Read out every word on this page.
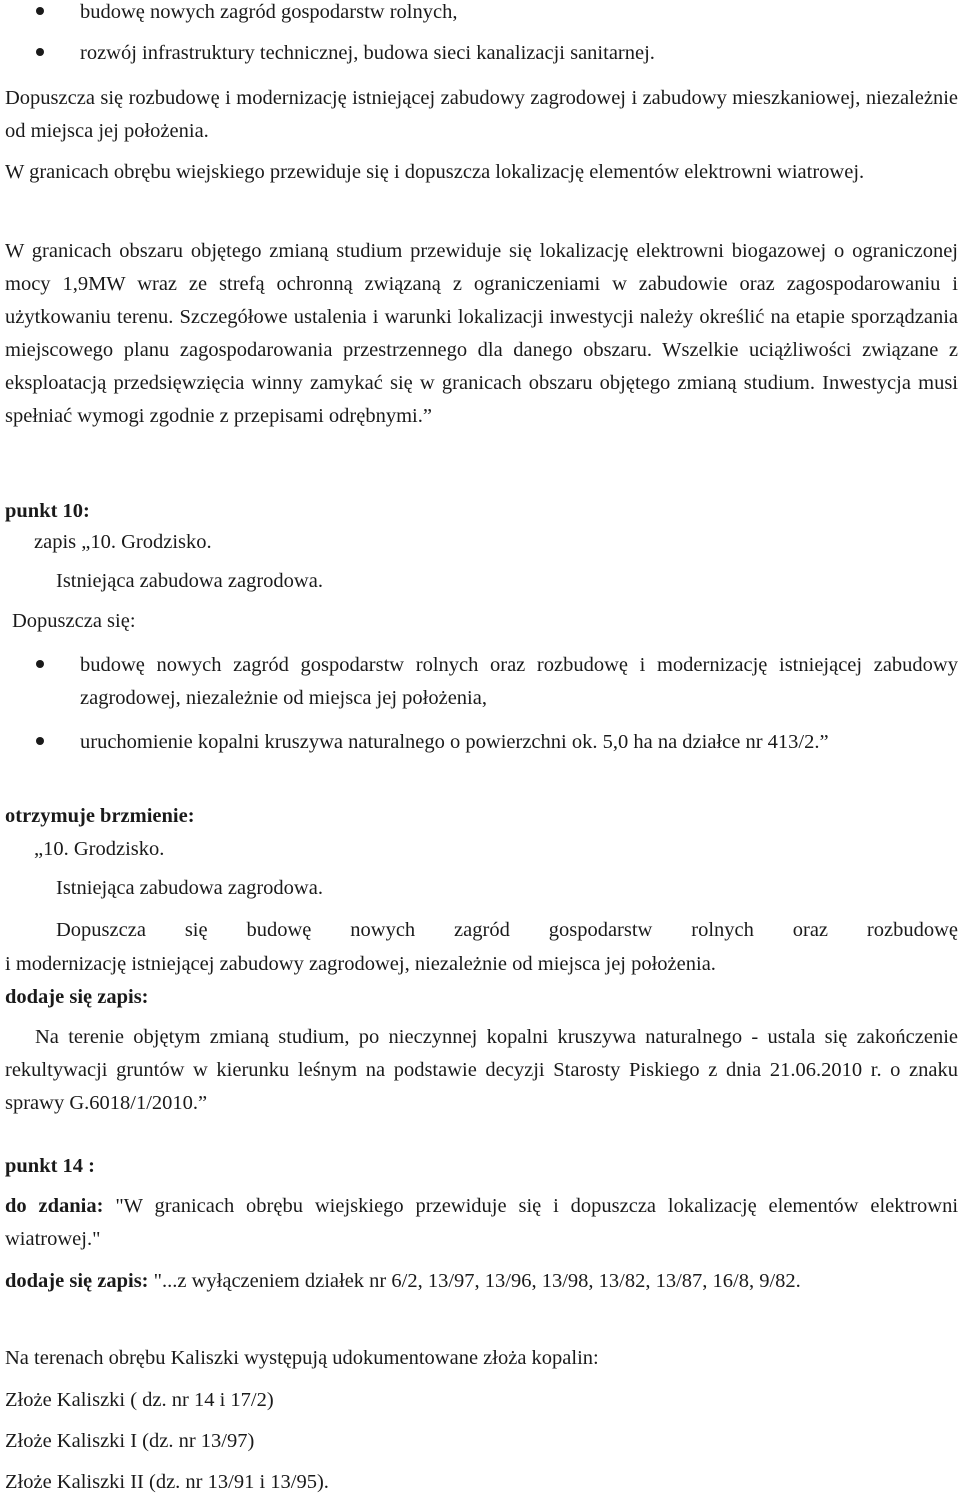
budowę nowych zagród gospodarstw rolnych,
rozwój infrastruktury technicznej, budowa sieci kanalizacji sanitarnej.

Dopuszcza się rozbudowę i modernizację istniejącej zabudowy zagrodowej i zabudowy mieszkaniowej, niezależnie od miejsca jej położenia.

W granicach obrębu wiejskiego przewiduje się i dopuszcza lokalizację elementów elektrowni wiatrowej.

W granicach obszaru objętego zmianą studium przewiduje się lokalizację elektrowni biogazowej o ograniczonej mocy 1,9MW wraz ze strefą ochronną związaną z ograniczeniami w zabudowie oraz zagospodarowaniu i użytkowaniu terenu. Szczegółowe ustalenia i warunki lokalizacji inwestycji należy określić na etapie sporządzania miejscowego planu zagospodarowania przestrzennego dla danego obszaru. Wszelkie uciążliwości związane z eksploatacją przedsięwzięcia winny zamykać się w granicach obszaru objętego zmianą studium. Inwestycja musi spełniać wymogi zgodnie z przepisami odrębnymi.”

punkt 10:

zapis „10. Grodzisko.

Istniejąca zabudowa zagrodowa.

Dopuszcza się:

budowę nowych zagród gospodarstw rolnych oraz rozbudowę i modernizację istniejącej zabudowy zagrodowej, niezależnie od miejsca jej położenia,
uruchomienie kopalni kruszywa naturalnego o powierzchni ok. 5,0 ha na działce nr 413/2.”

otrzymuje brzmienie:

„10. Grodzisko.

Istniejąca zabudowa zagrodowa.

Dopuszcza się budowę nowych zagród gospodarstw rolnych oraz rozbudowę

i modernizację istniejącej zabudowy zagrodowej, niezależnie od miejsca jej położenia.

dodaje się zapis:

Na terenie objętym zmianą studium, po nieczynnej kopalni kruszywa naturalnego - ustala się zakończenie rekultywacji gruntów w kierunku leśnym na podstawie decyzji Starosty Piskiego z dnia 21.06.2010 r. o znaku sprawy G.6018/1/2010.”

punkt 14 :

do zdania: "W granicach obrębu wiejskiego przewiduje się i dopuszcza lokalizację elementów elektrowni wiatrowej."

dodaje się zapis: "...z wyłączeniem działek nr 6/2, 13/97, 13/96, 13/98, 13/82, 13/87, 16/8, 9/82.

Na terenach obrębu Kaliszki występują udokumentowane złoża kopalin:

Złoże Kaliszki ( dz. nr 14 i 17/2)

Złoże Kaliszki I (dz. nr 13/97)

Złoże Kaliszki II (dz. nr 13/91 i 13/95).
